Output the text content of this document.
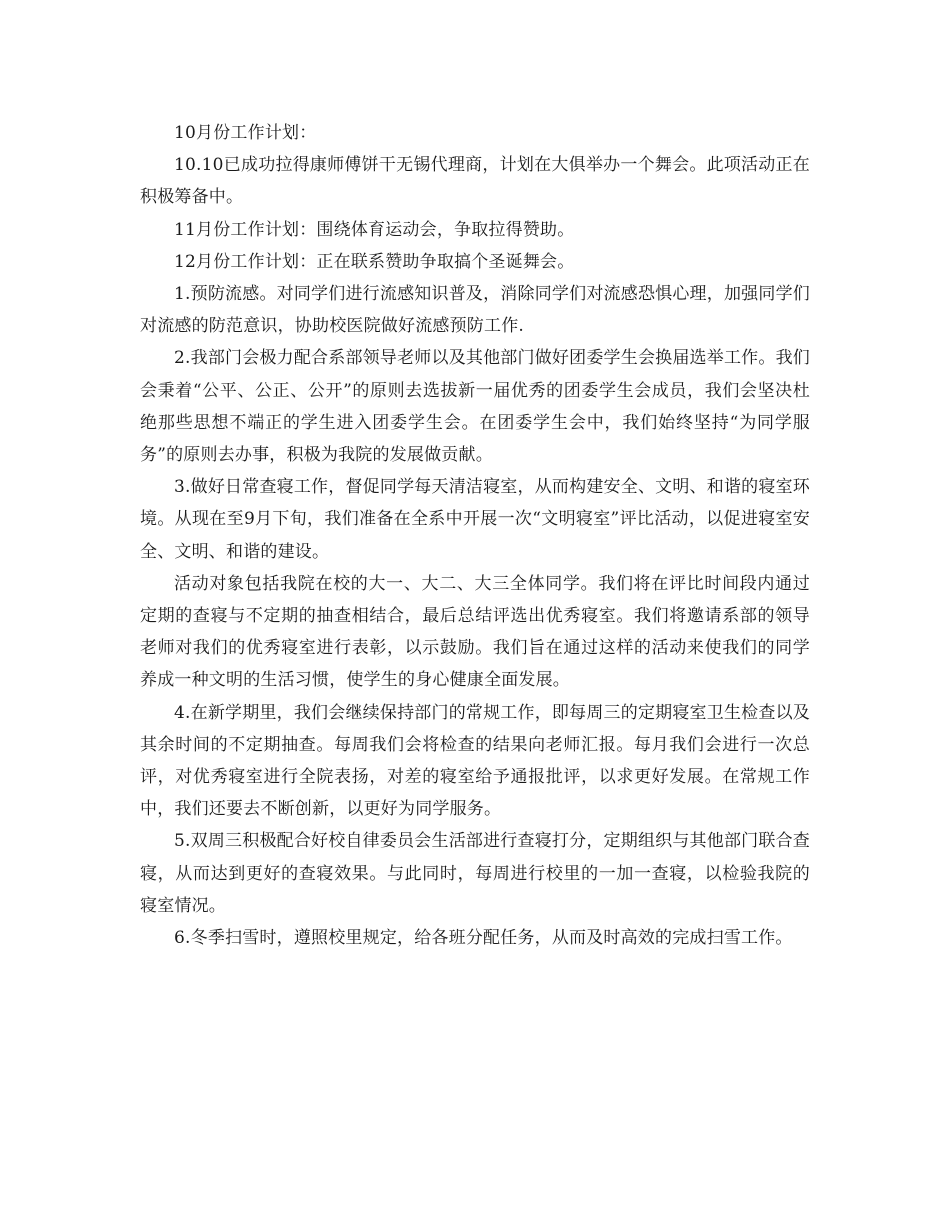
10月份工作计划：

10.10已成功拉得康师傅饼干无锡代理商，计划在大俱举办一个舞会。此项活动正在积极筹备中。

11月份工作计划：围绕体育运动会，争取拉得赞助。

12月份工作计划：正在联系赞助争取搞个圣诞舞会。

1.预防流感。对同学们进行流感知识普及，消除同学们对流感恐惧心理，加强同学们对流感的防范意识，协助校医院做好流感预防工作.

2.我部门会极力配合系部领导老师以及其他部门做好团委学生会换届选举工作。我们会秉着“公平、公正、公开”的原则去选拔新一届优秀的团委学生会成员，我们会坚决杜绝那些思想不端正的学生进入团委学生会。在团委学生会中，我们始终坚持“为同学服务”的原则去办事，积极为我院的发展做贡献。

3.做好日常查寝工作，督促同学每天清洁寝室，从而构建安全、文明、和谐的寝室环境。从现在至9月下旬，我们准备在全系中开展一次“文明寝室”评比活动，以促进寝室安全、文明、和谐的建设。

活动对象包括我院在校的大一、大二、大三全体同学。我们将在评比时间段内通过定期的查寝与不定期的抽查相结合，最后总结评选出优秀寝室。我们将邀请系部的领导老师对我们的优秀寝室进行表彰，以示鼓励。我们旨在通过这样的活动来使我们的同学养成一种文明的生活习惯，使学生的身心健康全面发展。

4.在新学期里，我们会继续保持部门的常规工作，即每周三的定期寝室卫生检查以及其余时间的不定期抽查。每周我们会将检查的结果向老师汇报。每月我们会进行一次总评，对优秀寝室进行全院表扬，对差的寝室给予通报批评，以求更好发展。在常规工作中，我们还要去不断创新，以更好为同学服务。

5.双周三积极配合好校自律委员会生活部进行查寝打分，定期组织与其他部门联合查寝，从而达到更好的查寝效果。与此同时，每周进行校里的一加一查寝，以检验我院的寝室情况。

6.冬季扫雪时，遵照校里规定，给各班分配任务，从而及时高效的完成扫雪工作。
